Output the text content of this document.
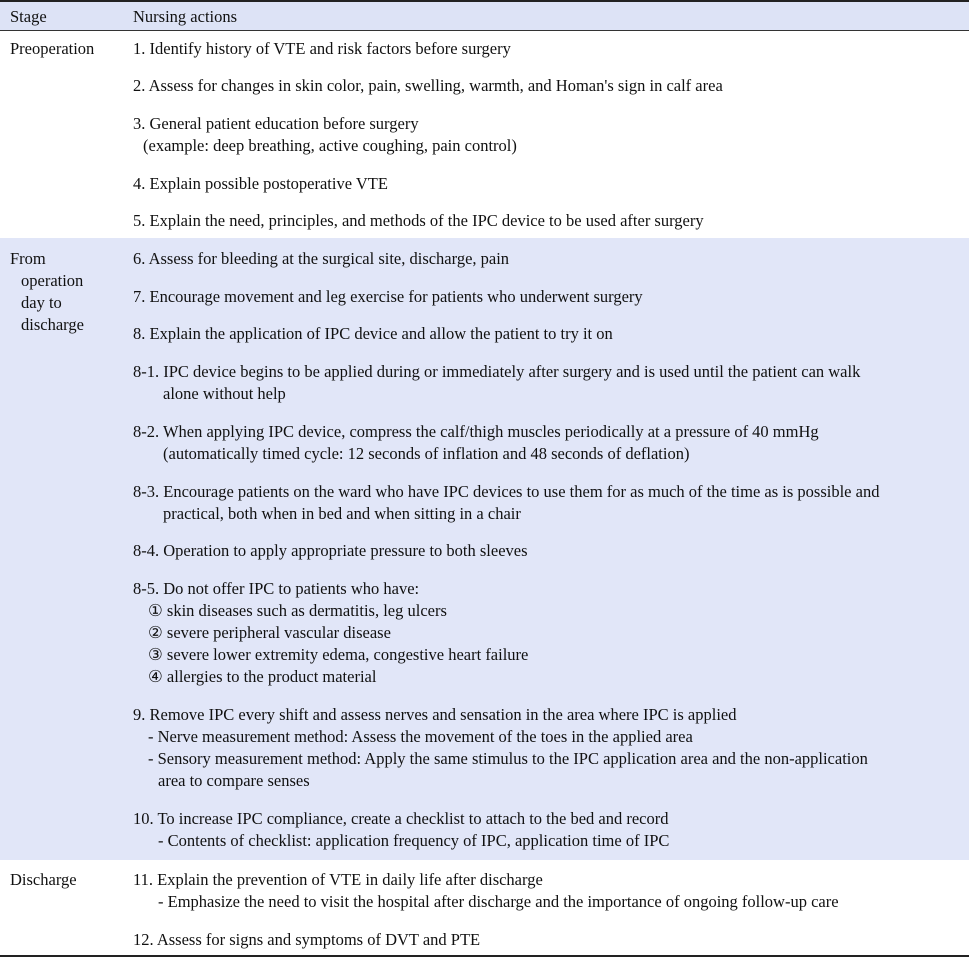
Stage	Nursing actions
Preoperation 1. Identify history of VTE and risk factors before surgery
2. Assess for changes in skin color, pain, swelling, warmth, and Homan's sign in calf area
3. General patient education before surgery
(example: deep breathing, active coughing, pain control)
4. Explain possible postoperative VTE
5. Explain the need, principles, and methods of the IPC device to be used after surgery
From
operation
day to
discharge
6. Assess for bleeding at the surgical site, discharge, pain
7. Encourage movement and leg exercise for patients who underwent surgery
8. Explain the application of IPC device and allow the patient to try it on
8-1. IPC device begins to be applied during or immediately after surgery and is used until the patient can walk
alone without help
8-2. When applying IPC device, compress the calf/thigh muscles periodically at a pressure of 40 mmHg
(automatically timed cycle: 12 seconds of inflation and 48 seconds of deflation)
8-3. Encourage patients on the ward who have IPC devices to use them for as much of the time as is possible and
practical, both when in bed and when sitting in a chair
8-4. Operation to apply appropriate pressure to both sleeves
8-5. Do not offer IPC to patients who have:
① skin diseases such as dermatitis, leg ulcers
② severe peripheral vascular disease
③ severe lower extremity edema, congestive heart failure
④ allergies to the product material
9. Remove IPC every shift and assess nerves and sensation in the area where IPC is applied
- Nerve measurement method: Assess the movement of the toes in the applied area
- Sensory measurement method: Apply the same stimulus to the IPC application area and the non-application
area to compare senses
10. To increase IPC compliance, create a checklist to attach to the bed and record
- Contents of checklist: application frequency of IPC, application time of IPC
Discharge	11. Explain the prevention of VTE in daily life after discharge
- Emphasize the need to visit the hospital after discharge and the importance of ongoing follow-up care
12. Assess for signs and symptoms of DVT and PTE
